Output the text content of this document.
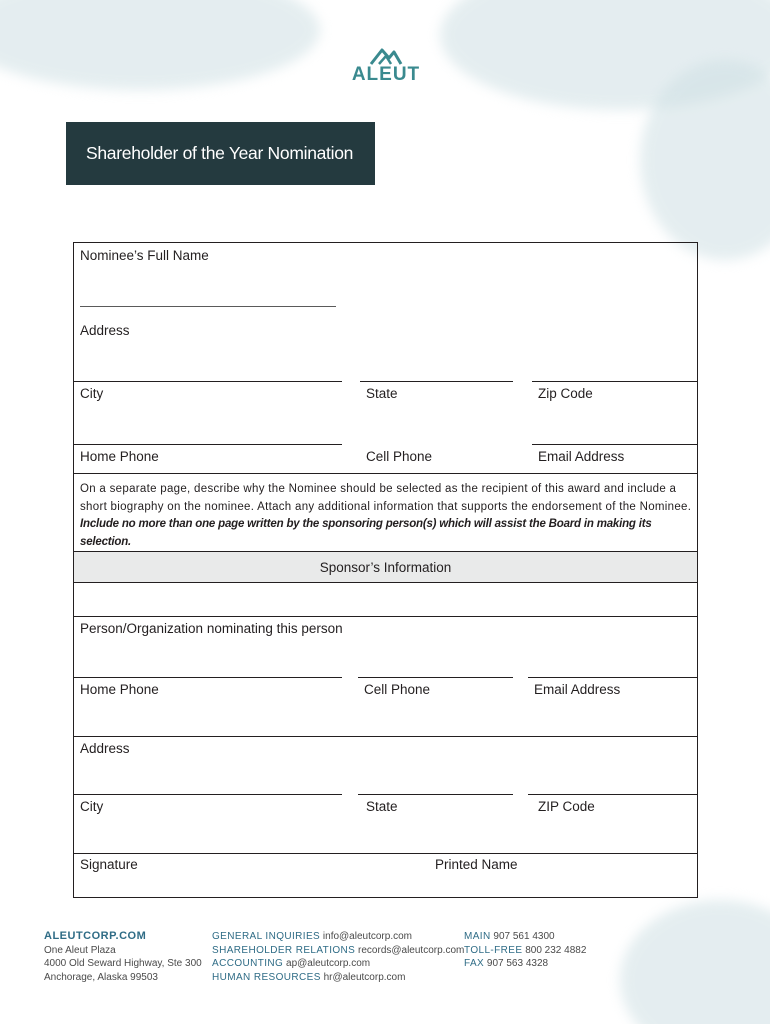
ALEUT
Shareholder of the Year Nomination
Nominee’s Full Name
Address
City	State	Zip Code
Home Phone	Cell Phone	Email Address
On a separate page, describe why the Nominee should be selected as the recipient of this award and include a short biography on the nominee. Attach any additional information that supports the endorsement of the Nominee. Include no more than one page written by the sponsoring person(s) which will assist the Board in making its selection.
Sponsor’s Information
Person/Organization nominating this person
Home Phone	Cell Phone	Email Address
Address
City	State	ZIP Code
Signature	Printed Name
ALEUTCORP.COM
One Aleut Plaza
4000 Old Seward Highway, Ste 300
Anchorage, Alaska 99503
GENERAL INQUIRIES info@aleutcorp.com
SHAREHOLDER RELATIONS records@aleutcorp.com
ACCOUNTING ap@aleutcorp.com
HUMAN RESOURCES hr@aleutcorp.com
MAIN 907 561 4300
TOLL-FREE 800 232 4882
FAX 907 563 4328
